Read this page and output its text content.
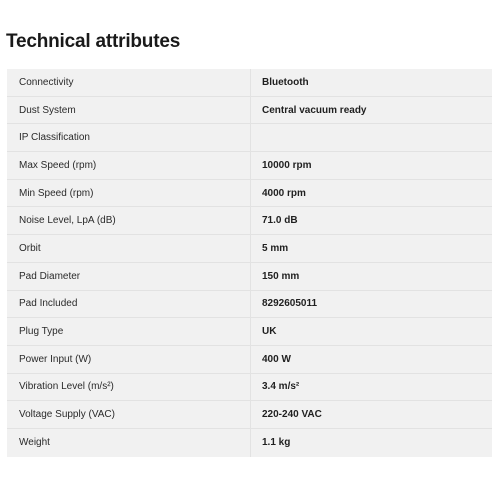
Technical attributes
Connectivity	Bluetooth
Dust System	Central vacuum ready
IP Classification
Max Speed (rpm)	10000 rpm
Min Speed (rpm)	4000 rpm
Noise Level, LpA (dB)	71.0 dB
Orbit	5 mm
Pad Diameter	150 mm
Pad Included	8292605011
Plug Type	UK
Power Input (W)	400 W
Vibration Level (m/s²)	3.4 m/s²
Voltage Supply (VAC)	220-240 VAC
Weight	1.1 kg
